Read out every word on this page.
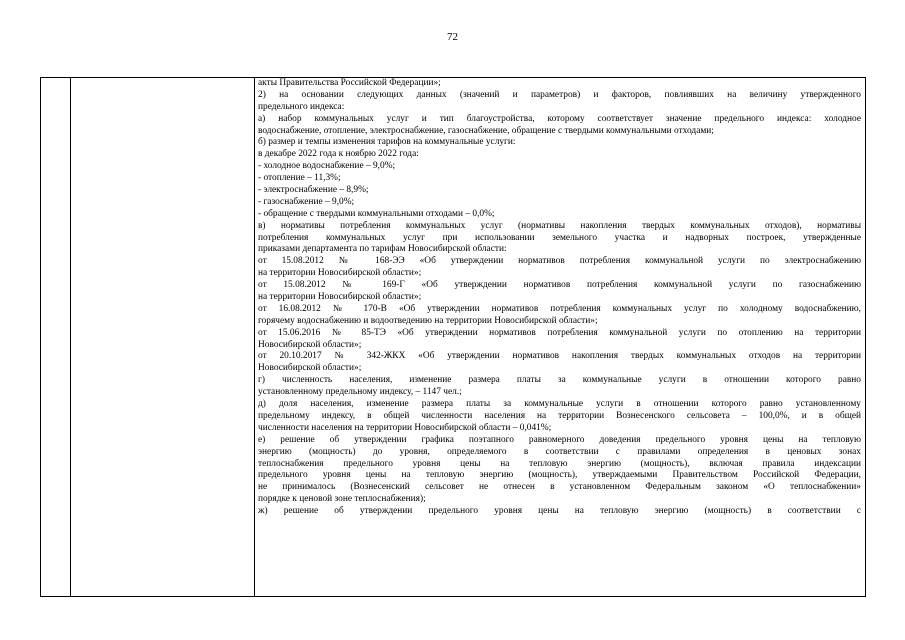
72
акты Правительства Российской Федерации»;
2) на основании следующих данных (значений и параметров) и факторов, повлиявших на величину утвержденного
предельного индекса:
а) набор коммунальных услуг и тип благоустройства, которому соответствует значение предельного индекса: холодное
водоснабжение, отопление, электроснабжение, газоснабжение, обращение с твердыми коммунальными отходами;
б) размер и темпы изменения тарифов на коммунальные услуги:
в декабре 2022 года к ноябрю 2022 года:
- холодное водоснабжение – 9,0%;
- отопление – 11,3%;
- электроснабжение – 8,9%;
- газоснабжение – 9,0%;
- обращение с твердыми коммунальными отходами – 0,0%;
в) нормативы потребления коммунальных услуг (нормативы накопления твердых коммунальных отходов), нормативы
потребления коммунальных услуг при использовании земельного участка и надворных построек, утвержденные
приказами департамента по тарифам Новосибирской области:
от 15.08.2012 № 168-ЭЭ «Об утверждении нормативов потребления коммунальной услуги по электроснабжению
на территории Новосибирской области»;
от 15.08.2012 № 169-Г «Об утверждении нормативов потребления коммунальной услуги по газоснабжению
на территории Новосибирской области»;
от 16.08.2012 № 170-В «Об утверждении нормативов потребления коммунальных услуг по холодному водоснабжению,
горячему водоснабжению и водоотведению на территории Новосибирской области»;
от 15.06.2016 № 85-ТЭ «Об утверждении нормативов потребления коммунальной услуги по отоплению на территории
Новосибирской области»;
от 20.10.2017 № 342-ЖКХ «Об утверждении нормативов накопления твердых коммунальных отходов на территории
Новосибирской области»;
г) численность населения, изменение размера платы за коммунальные услуги в отношении которого равно
установленному предельному индексу, – 1147 чел.;
д) доля населения, изменение размера платы за коммунальные услуги в отношении которого равно установленному
предельному индексу, в общей численности населения на территории Вознесенского сельсовета – 100,0%, и в общей
численности населения на территории Новосибирской области – 0,041%;
е) решение об утверждении графика поэтапного равномерного доведения предельного уровня цены на тепловую
энергию (мощность) до уровня, определяемого в соответствии с правилами определения в ценовых зонах
теплоснабжения предельного уровня цены на тепловую энергию (мощность), включая правила индексации
предельного уровня цены на тепловую энергию (мощность), утверждаемыми Правительством Российской Федерации,
не принималось (Вознесенский сельсовет не отнесен в установленном Федеральным законом «О теплоснабжении»
порядке к ценовой зоне теплоснабжения);
ж) решение об утверждении предельного уровня цены на тепловую энергию (мощность) в соответствии с
